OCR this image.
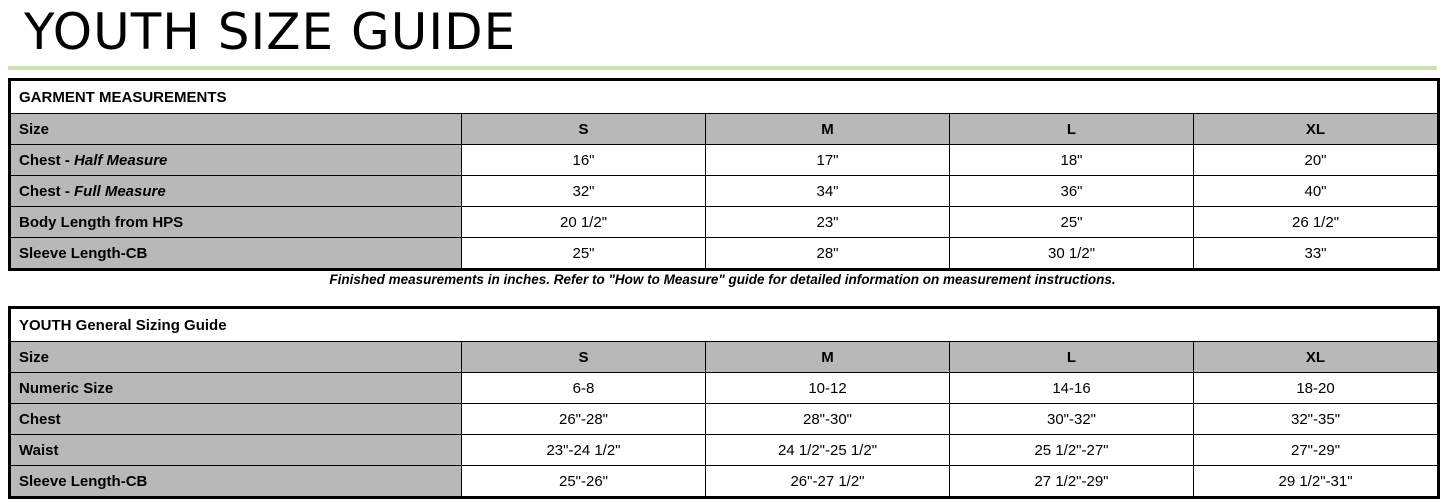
YOUTH SIZE GUIDE
GARMENT MEASUREMENTS				
Size	S	M	L	XL
Chest - Half Measure	16"	17"	18"	20"
Chest - Full Measure	32"	34"	36"	40"
Body Length from HPS	20 1/2"	23"	25"	26 1/2"
Sleeve Length-CB	25"	28"	30 1/2"	33"
Finished measurements in inches. Refer to "How to Measure" guide for detailed information on measurement instructions.
YOUTH General Sizing Guide				
Size	S	M	L	XL
Numeric Size	6-8	10-12	14-16	18-20
Chest	26"-28"	28"-30"	30"-32"	32"-35"
Waist	23"-24 1/2"	24 1/2"-25 1/2"	25 1/2"-27"	27"-29"
Sleeve Length-CB	25"-26"	26"-27 1/2"	27 1/2"-29"	29 1/2"-31"
